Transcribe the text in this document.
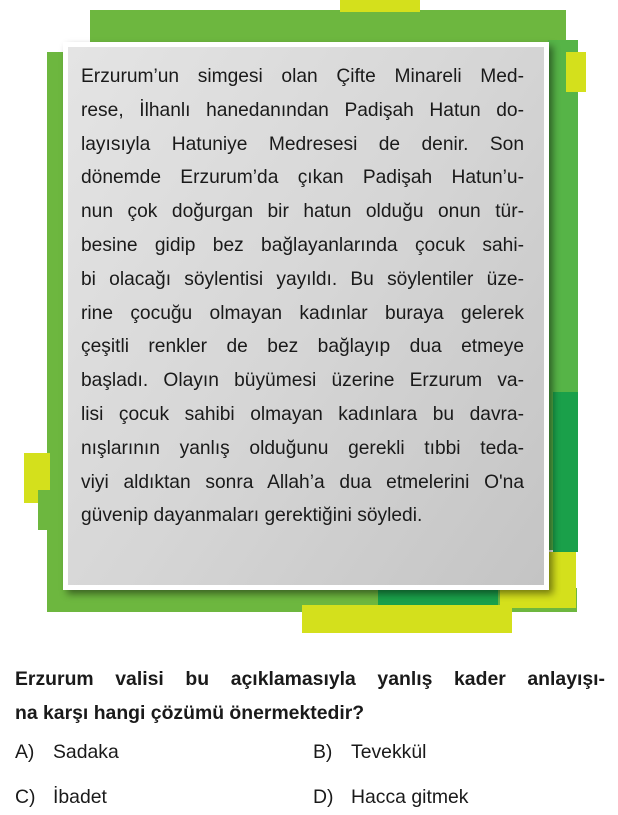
Erzurum’un simgesi olan Çifte Minareli Med-
rese, İlhanlı hanedanından Padişah Hatun do-
layısıyla Hatuniye Medresesi de denir. Son
dönemde Erzurum’da çıkan Padişah Hatun’u-
nun çok doğurgan bir hatun olduğu onun tür-
besine gidip bez bağlayanlarında çocuk sahi-
bi olacağı söylentisi yayıldı. Bu söylentiler üze-
rine çocuğu olmayan kadınlar buraya gelerek
çeşitli renkler de bez bağlayıp dua etmeye
başladı. Olayın büyümesi üzerine Erzurum va-
lisi çocuk sahibi olmayan kadınlara bu davra-
nışlarının yanlış olduğunu gerekli tıbbi teda-
viyi aldıktan sonra Allah’a dua etmelerini O'na
güvenip dayanmaları gerektiğini söyledi.

Erzurum valisi bu açıklamasıyla yanlış kader anlayışı-
na karşı hangi çözümü önermektedir?
A) Sadaka	B) Tevekkül
C) İbadet	D) Hacca gitmek
